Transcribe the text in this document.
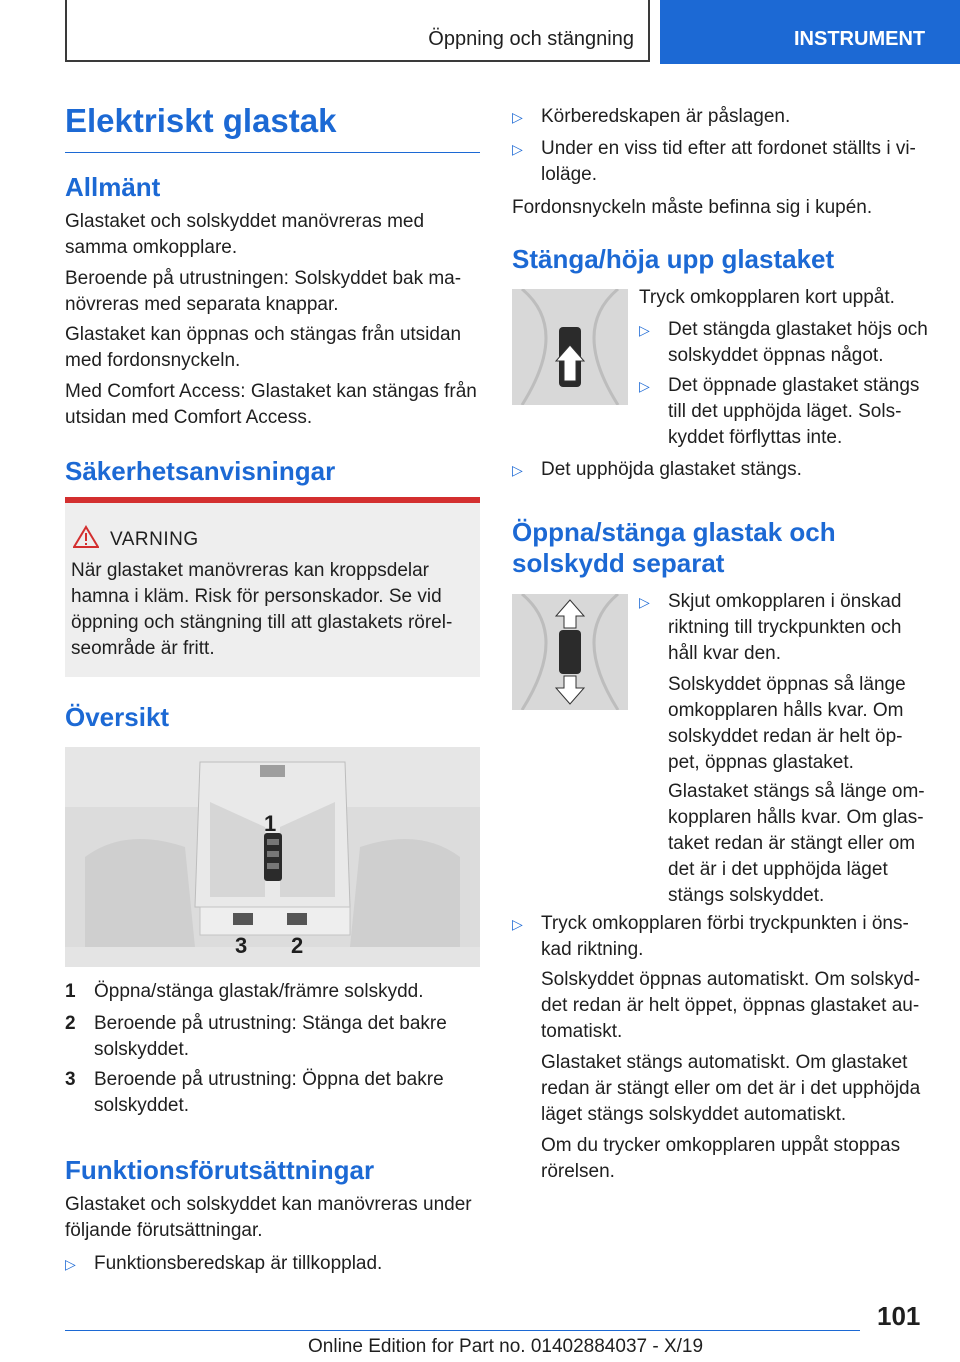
Öppning och stängning	INSTRUMENT
Elektriskt glastak
Allmänt

Glastaket och solskyddet manövreras med samma omkopplare.

Beroende på utrustningen: Solskyddet bak ma-növreras med separata knappar.

Glastaket kan öppnas och stängas från utsidan med fordonsnyckeln.

Med Comfort Access: Glastaket kan stängas från utsidan med Comfort Access.

Säkerhetsanvisningar
VARNING
När glastaket manövreras kan kroppsdelar hamna i kläm. Risk för personskador. Se vid öppning och stängning till att glastakets rörel-seområde är fritt.
Översikt
1
3 2
1 Öppna/stänga glastak/främre solskydd.
2 Beroende på utrustning: Stänga det bakre solskyddet.
3 Beroende på utrustning: Öppna det bakre solskyddet.
Funktionsförutsättningar

Glastaket och solskyddet kan manövreras under följande förutsättningar.

▷ Funktionsberedskap är tillkopplad.
▷ Körberedskapen är påslagen.
▷ Under en viss tid efter att fordonet ställts i vi-loläge.

Fordonsnyckeln måste befinna sig i kupén.

Stänga/höja upp glastaket

Tryck omkopplaren kort uppåt.

▷ Det stängda glastaket höjs och solskyddet öppnas något.
▷ Det öppnade glastaket stängs till det upphöjda läget. Sols-kyddet förflyttas inte.
▷ Det upphöjda glastaket stängs.
Öppna/stänga glastak och
solskydd separat
▷ Skjut omkopplaren i önskad riktning till tryckpunkten och håll kvar den.

Solskyddet öppnas så länge omkopplaren hålls kvar. Om solskyddet redan är helt öp-pet, öppnas glastaket.

Glastaket stängs så länge om-kopplaren hålls kvar. Om glas-taket redan är stängt eller om det är i det upphöjda läget stängs solskyddet.

▷ Tryck omkopplaren förbi tryckpunkten i öns-kad riktning.

Solskyddet öppnas automatiskt. Om solskyd-det redan är helt öppet, öppnas glastaket au-tomatiskt.

Glastaket stängs automatiskt. Om glastaket redan är stängt eller om det är i det upphöjda läget stängs solskyddet automatiskt.

Om du trycker omkopplaren uppåt stoppas rörelsen.

101
Online Edition for Part no. 01402884037 - X/19
